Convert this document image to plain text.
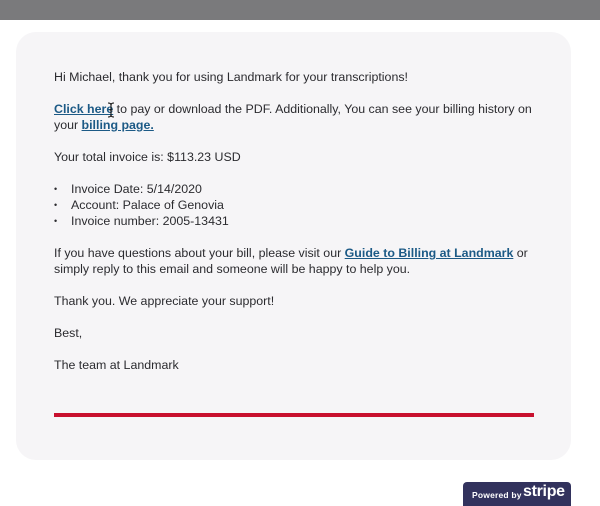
Hi Michael, thank you for using Landmark for your transcriptions!

Click here to pay or download the PDF. Additionally, You can see your billing history on your billing page.

Your total invoice is: $113.23 USD

• Invoice Date: 5/14/2020
• Account: Palace of Genovia
• Invoice number: 2005-13431

If you have questions about your bill, please visit our Guide to Billing at Landmark or simply reply to this email and someone will be happy to help you.

Thank you. We appreciate your support!

Best,

The team at Landmark

Powered by stripe
